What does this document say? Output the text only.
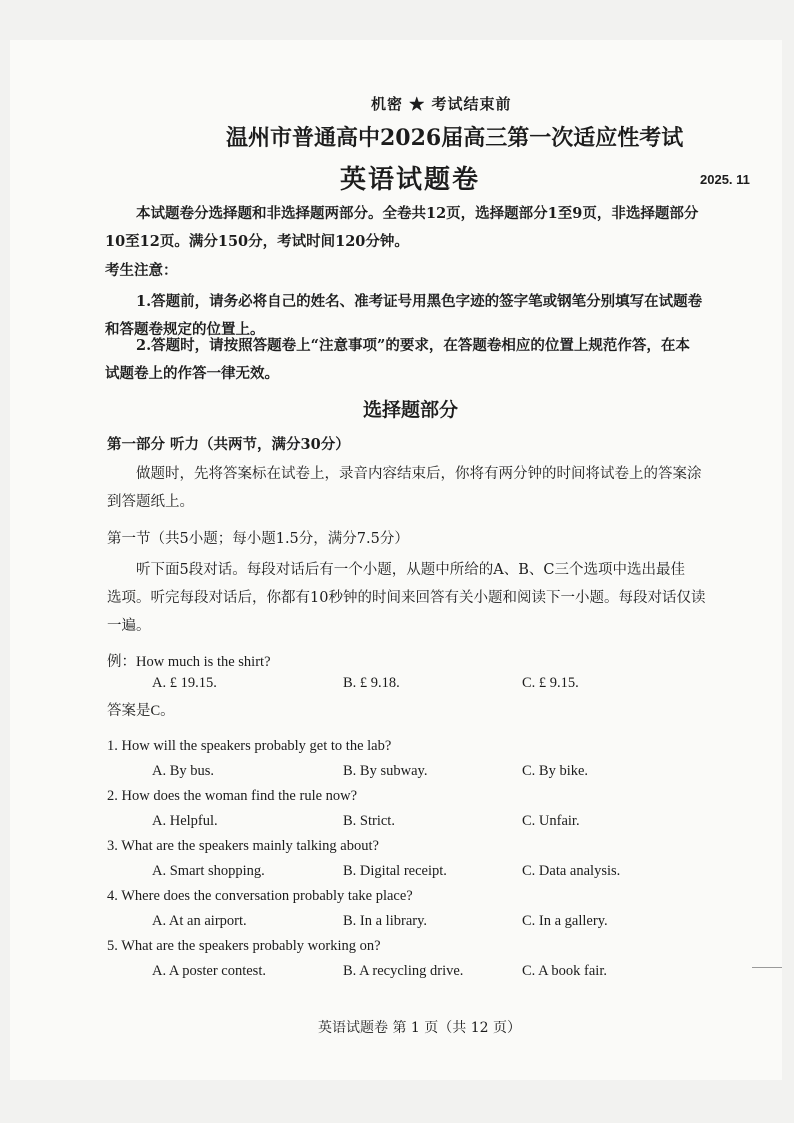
机密 ★ 考试结束前
温州市普通高中2026届高三第一次适应性考试
英语试题卷	2025. 11
本试题卷分选择题和非选择题两部分。全卷共12页，选择题部分1至9页，非选择题部分
10至12页。满分150分，考试时间120分钟。
考生注意：
1.答题前，请务必将自己的姓名、准考证号用黑色字迹的签字笔或钢笔分别填写在试题卷
和答题卷规定的位置上。
2.答题时，请按照答题卷上“注意事项”的要求，在答题卷相应的位置上规范作答，在本
试题卷上的作答一律无效。
选择题部分
第一部分 听力（共两节，满分30分）
做题时，先将答案标在试卷上，录音内容结束后，你将有两分钟的时间将试卷上的答案涂
到答题纸上。
第一节（共5小题；每小题1.5分，满分7.5分）
听下面5段对话。每段对话后有一个小题，从题中所给的A、B、C三个选项中选出最佳
选项。听完每段对话后，你都有10秒钟的时间来回答有关小题和阅读下一小题。每段对话仅读
一遍。
例：How much is the shirt?
A. £ 19.15.	B. £ 9.18.	C. £ 9.15.
答案是C。
1. How will the speakers probably get to the lab?
A. By bus.	B. By subway.	C. By bike.
2. How does the woman find the rule now?
A. Helpful.	B. Strict.	C. Unfair.
3. What are the speakers mainly talking about?
A. Smart shopping.	B. Digital receipt.	C. Data analysis.
4. Where does the conversation probably take place?
A. At an airport.	B. In a library.	C. In a gallery.
5. What are the speakers probably working on?
A. A poster contest.	B. A recycling drive.	C. A book fair.
英语试题卷 第 1 页（共 12 页）
